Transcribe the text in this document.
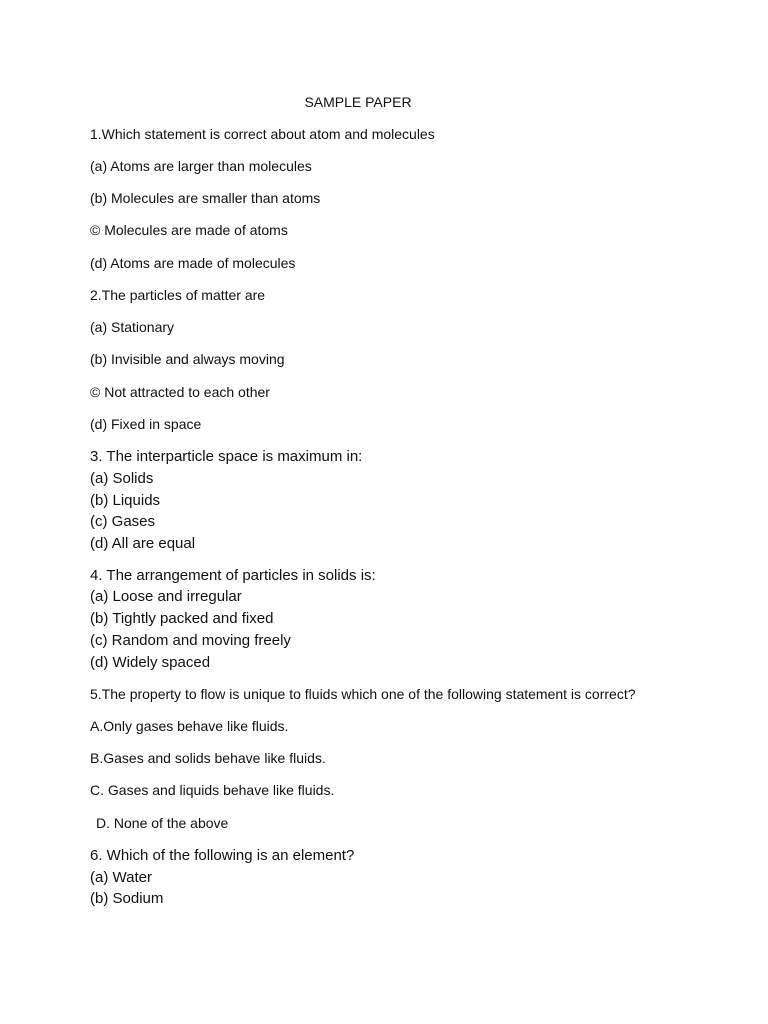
SAMPLE PAPER
1.Which statement is correct about atom and molecules
(a) Atoms are larger than molecules
(b) Molecules are smaller than atoms
© Molecules are made of atoms
(d) Atoms are made of molecules
2.The particles of matter are
(a) Stationary
(b) Invisible and always moving
© Not attracted to each other
(d) Fixed in space
3. The interparticle space is maximum in:
(a) Solids
(b) Liquids
(c) Gases
(d) All are equal
4. The arrangement of particles in solids is:
(a) Loose and irregular
(b) Tightly packed and fixed
(c) Random and moving freely
(d) Widely spaced
5.The property to flow is unique to fluids which one of the following statement is correct?
A.Only gases behave like fluids.
B.Gases and solids behave like fluids.
C. Gases and liquids behave like fluids.
D. None of the above
6. Which of the following is an element?
(a) Water
(b) Sodium
